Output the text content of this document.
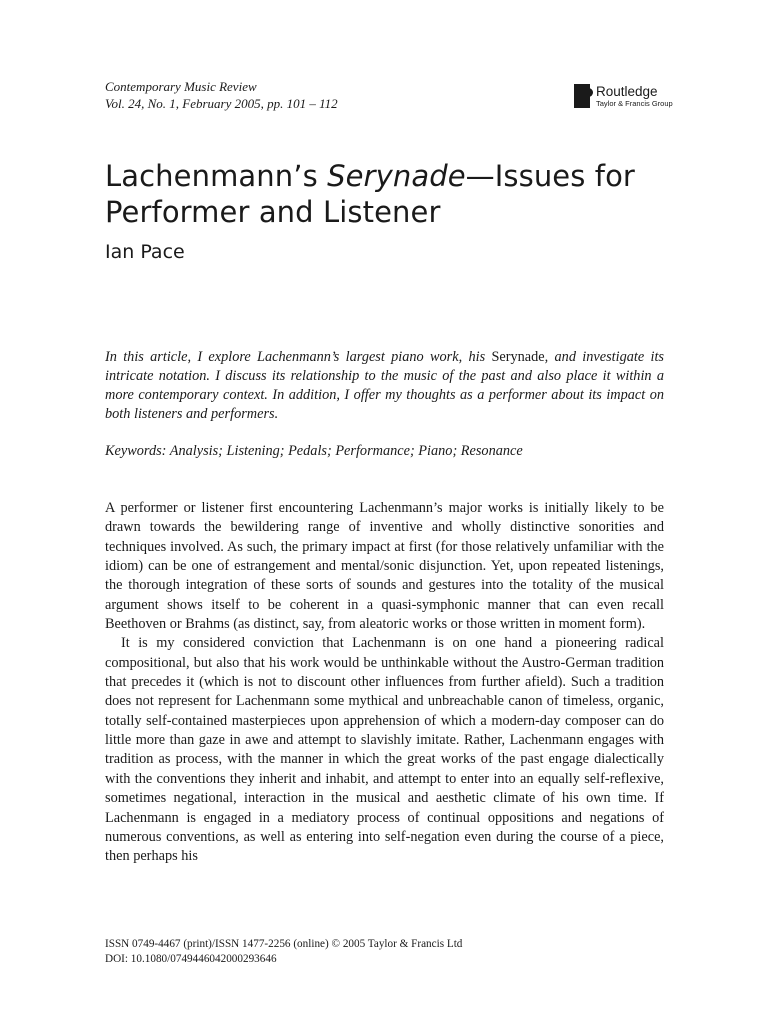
Contemporary Music Review
Vol. 24, No. 1, February 2005, pp. 101 – 112
Routledge
Taylor & Francis Group
Lachenmann’s Serynade—Issues for Performer and Listener
Ian Pace

In this article, I explore Lachenmann’s largest piano work, his Serynade, and investigate its intricate notation. I discuss its relationship to the music of the past and also place it within a more contemporary context. In addition, I offer my thoughts as a performer about its impact on both listeners and performers.

Keywords: Analysis; Listening; Pedals; Performance; Piano; Resonance

A performer or listener first encountering Lachenmann’s major works is initially likely to be drawn towards the bewildering range of inventive and wholly distinctive sonorities and techniques involved. As such, the primary impact at first (for those relatively unfamiliar with the idiom) can be one of estrangement and mental/sonic disjunction. Yet, upon repeated listenings, the thorough integration of these sorts of sounds and gestures into the totality of the musical argument shows itself to be coherent in a quasi-symphonic manner that can even recall Beethoven or Brahms (as distinct, say, from aleatoric works or those written in moment form).

It is my considered conviction that Lachenmann is on one hand a pioneering radical compositional, but also that his work would be unthinkable without the Austro-German tradition that precedes it (which is not to discount other influences from further afield). Such a tradition does not represent for Lachenmann some mythical and unbreachable canon of timeless, organic, totally self-contained masterpieces upon apprehension of which a modern-day composer can do little more than gaze in awe and attempt to slavishly imitate. Rather, Lachenmann engages with tradition as process, with the manner in which the great works of the past engage dialectically with the conventions they inherit and inhabit, and attempt to enter into an equally self-reflexive, sometimes negational, interaction in the musical and aesthetic climate of his own time. If Lachenmann is engaged in a mediatory process of continual oppositions and negations of numerous conventions, as well as entering into self-negation even during the course of a piece, then perhaps his

ISSN 0749-4467 (print)/ISSN 1477-2256 (online) © 2005 Taylor & Francis Ltd
DOI: 10.1080/0749446042000293646
